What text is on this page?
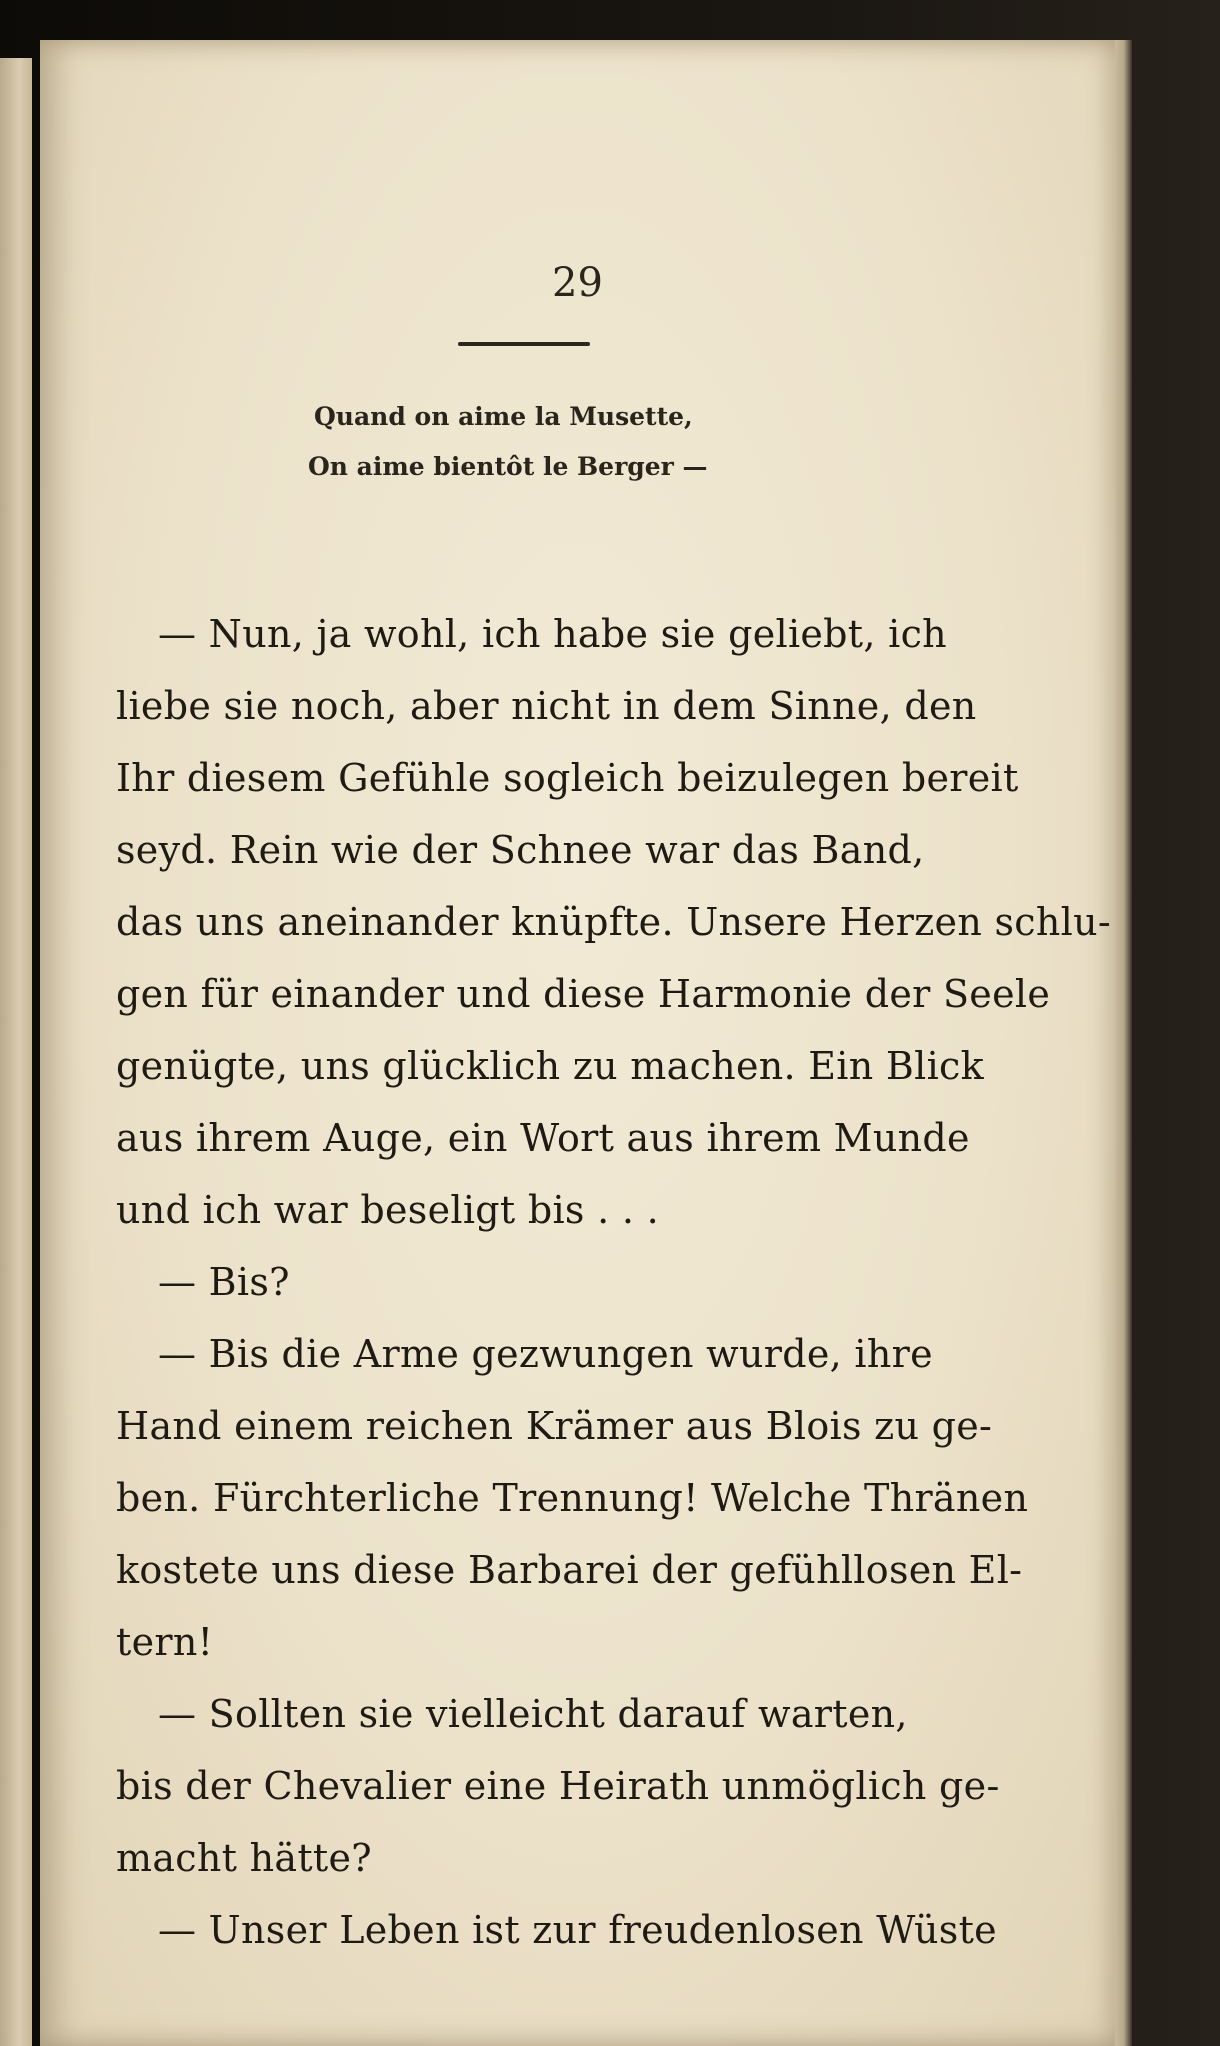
29
Quand on aime la Musette,
On aime bientôt le Berger —
— Nun, ja wohl, ich habe sie geliebt, ich
liebe sie noch, aber nicht in dem Sinne, den
Ihr diesem Gefühle sogleich beizulegen bereit
seyd. Rein wie der Schnee war das Band,
das uns aneinander knüpfte. Unsere Herzen schlu-
gen für einander und diese Harmonie der Seele
genügte, uns glücklich zu machen. Ein Blick
aus ihrem Auge, ein Wort aus ihrem Munde
und ich war beseligt bis . . .
— Bis?
— Bis die Arme gezwungen wurde, ihre
Hand einem reichen Krämer aus Blois zu ge-
ben. Fürchterliche Trennung! Welche Thränen
kostete uns diese Barbarei der gefühllosen El-
tern!
— Sollten sie vielleicht darauf warten,
bis der Chevalier eine Heirath unmöglich ge-
macht hätte?
— Unser Leben ist zur freudenlosen Wüste
